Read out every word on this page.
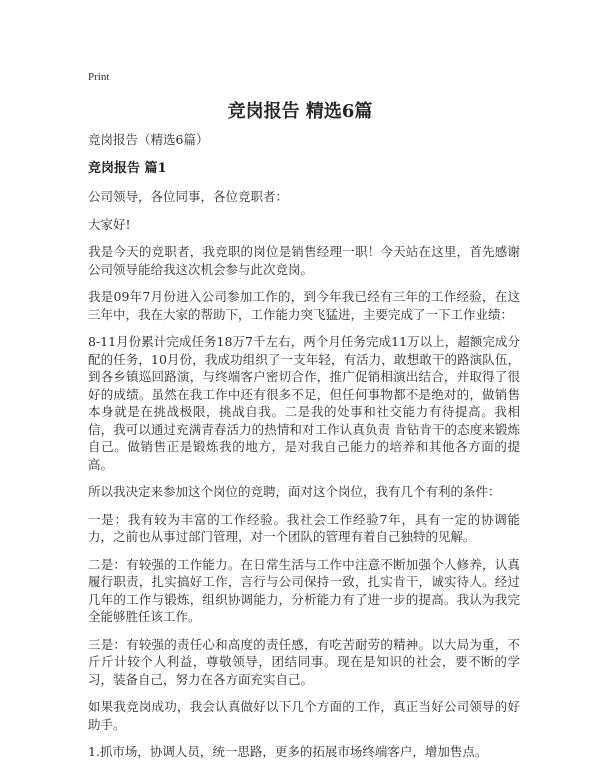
Print
竞岗报告 精选6篇

竞岗报告（精选6篇）

竞岗报告 篇1

公司领导，各位同事，各位竞职者：

大家好!

我是今天的竞职者，我竞职的岗位是销售经理一职！今天站在这里，首先感谢公司领导能给我这次机会参与此次竞岗。

我是09年7月份进入公司参加工作的，到今年我已经有三年的工作经验，在这三年中，我在大家的帮助下，工作能力突飞猛进，主要完成了一下工作业绩：

8-11月份累计完成任务18万7千左右，两个月任务完成11万以上，超额完成分配的任务，10月份，我成功组织了一支年轻，有活力，敢想敢干的路演队伍，到各乡镇巡回路演，与终端客户密切合作，推广促销相演出结合，并取得了很好的成绩。虽然在我工作中还有很多不足，但任何事物都不是绝对的，做销售本身就是在挑战极限，挑战自我。二是我的处事和社交能力有待提高。我相信，我可以通过充满青春活力的热情和对工作认真负责 肯钻肯干的态度来锻炼自己。做销售正是锻炼我的地方，是对我自己能力的培养和其他各方面的提高。

所以我决定来参加这个岗位的竞聘，面对这个岗位，我有几个有利的条件：

一是：我有较为丰富的工作经验。我社会工作经验7年，具有一定的协调能力，之前也从事过部门管理，对一个团队的管理有着自己独特的见解。

二是：有较强的工作能力。在日常生活与工作中注意不断加强个人修养，认真履行职责，扎实搞好工作，言行与公司保持一致，扎实肯干，诚实待人。经过几年的工作与锻炼，组织协调能力，分析能力有了进一步的提高。我认为我完全能够胜任该工作。

三是：有较强的责任心和高度的责任感，有吃苦耐劳的精神。以大局为重，不斤斤计较个人利益，尊敬领导，团结同事。现在是知识的社会，要不断的学习，装备自己，努力在各方面充实自己。

如果我竞岗成功，我会认真做好以下几个方面的工作，真正当好公司领导的好助手。

1.抓市场，协调人员，统一思路，更多的拓展市场终端客户，增加售点。
